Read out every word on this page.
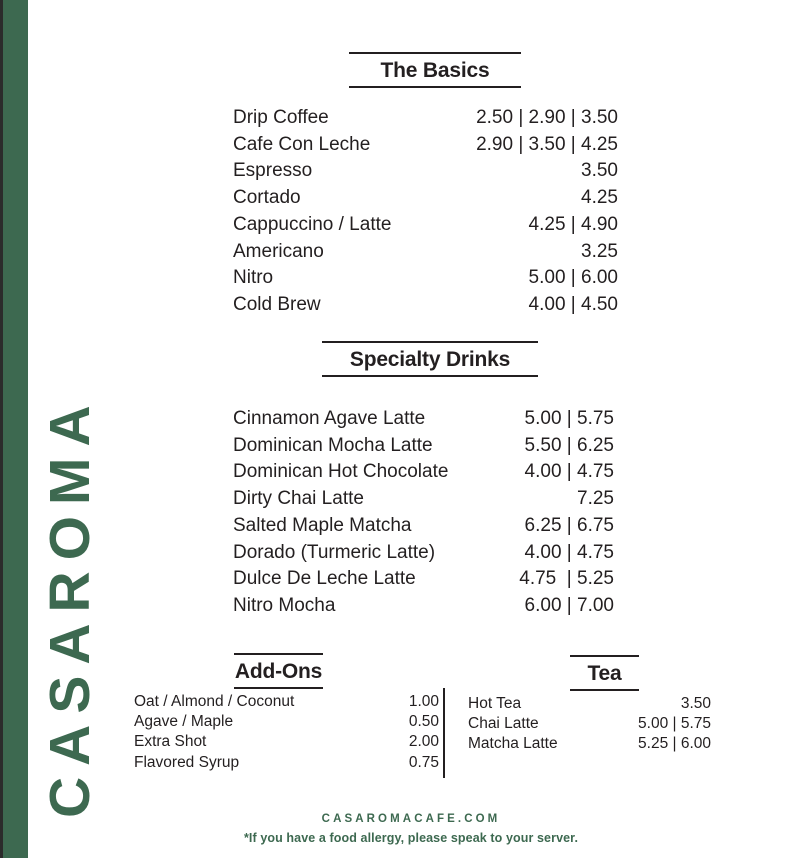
CASAROMA
The Basics
Drip Coffee	2.50 | 2.90 | 3.50
Cafe Con Leche	2.90 | 3.50 | 4.25
Espresso	3.50
Cortado	4.25
Cappuccino / Latte	4.25 | 4.90
Americano	3.25
Nitro	5.00 | 6.00
Cold Brew	4.00 | 4.50
Specialty Drinks
Cinnamon Agave Latte	5.00 | 5.75
Dominican Mocha Latte	5.50 | 6.25
Dominican Hot Chocolate	4.00 | 4.75
Dirty Chai Latte	7.25
Salted Maple Matcha	6.25 | 6.75
Dorado (Turmeric Latte)	4.00 | 4.75
Dulce De Leche Latte	4.75  | 5.25
Nitro Mocha	6.00 | 7.00
Add-Ons
Oat / Almond / Coconut	1.00
Agave / Maple	0.50
Extra Shot	2.00
Flavored Syrup	0.75
Tea
Hot Tea	3.50
Chai Latte	5.00 | 5.75
Matcha Latte	5.25 | 6.00
CASAROMACAFE.COM
*If you have a food allergy, please speak to your server.
